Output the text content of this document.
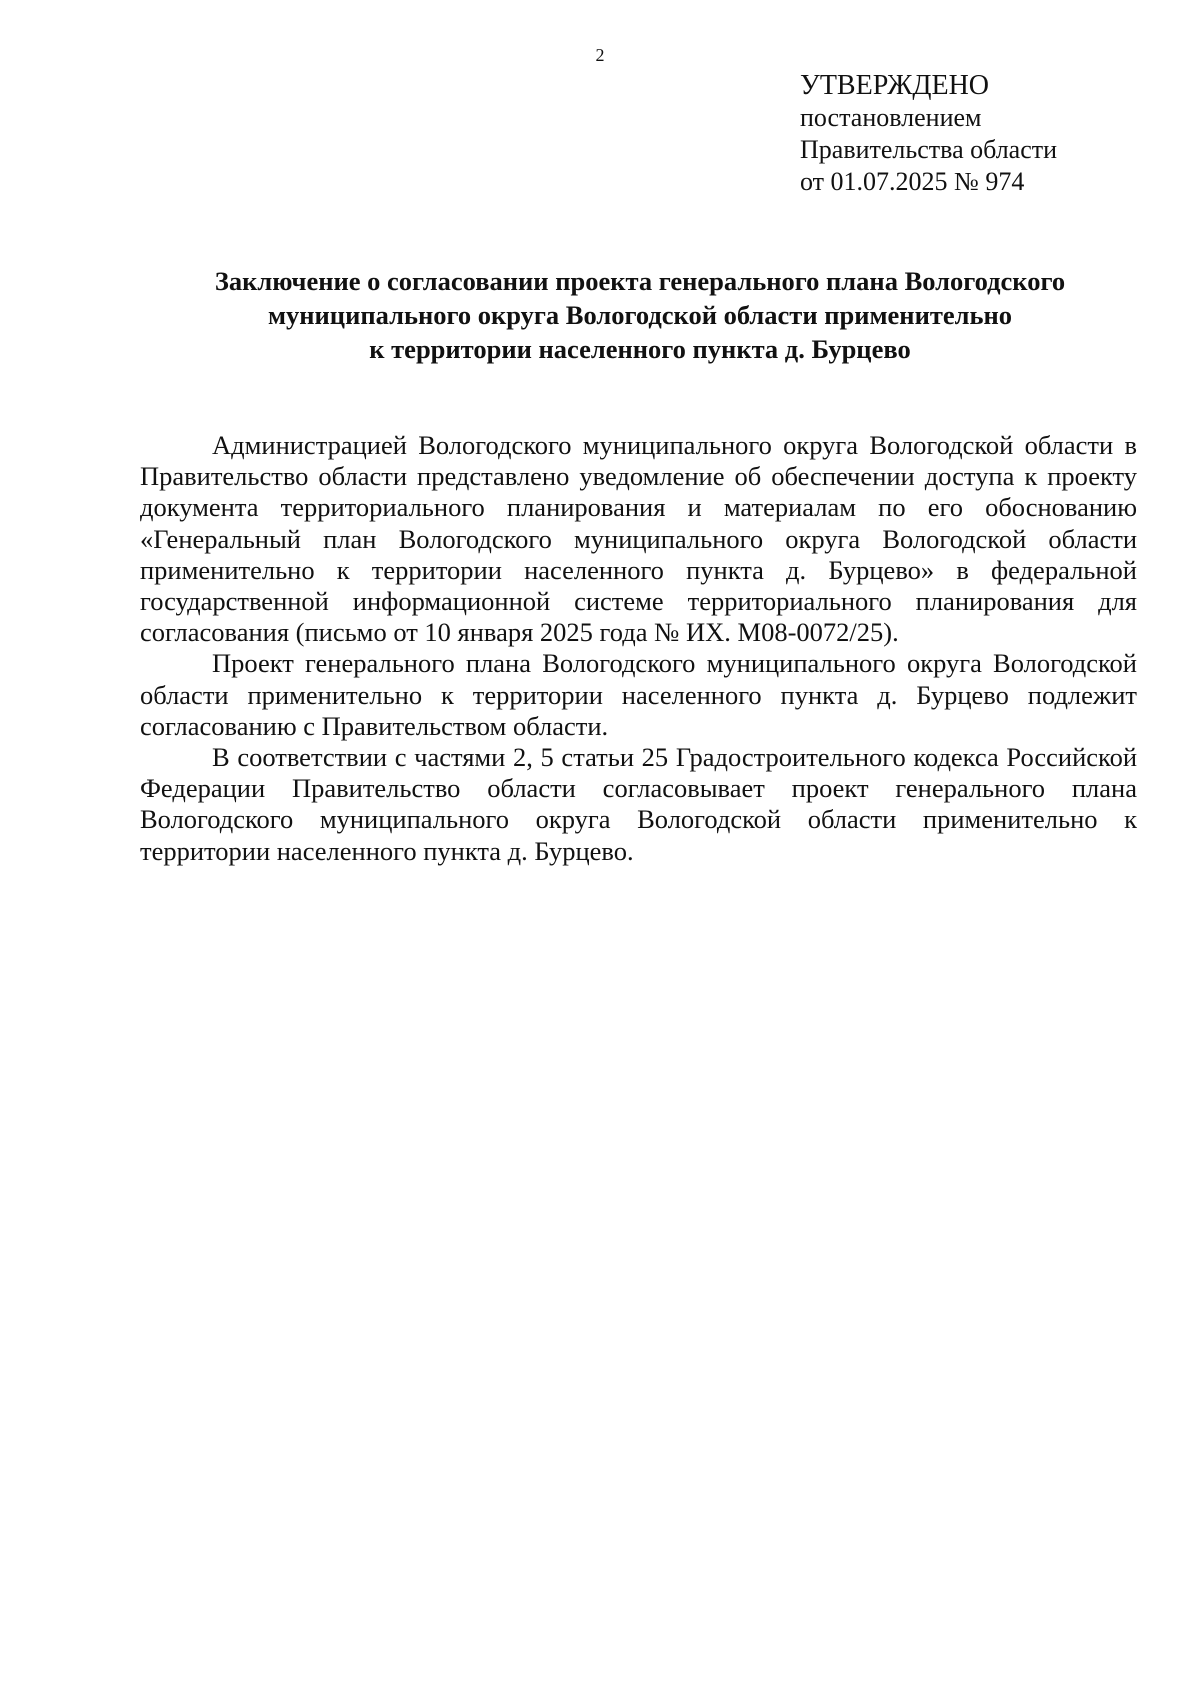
2
УТВЕРЖДЕНО
постановлением
Правительства области
от 01.07.2025 № 974
Заключение о согласовании проекта генерального плана Вологодского
муниципального округа Вологодской области применительно
к территории населенного пункта д. Бурцево

Администрацией Вологодского муниципального округа Вологодской области в Правительство области представлено уведомление об обеспечении доступа к проекту документа территориального планирования и материалам по его обоснованию «Генеральный план Вологодского муниципального округа Вологодской области применительно к территории населенного пункта д. Бурцево» в федеральной государственной информационной системе территориального планирования для согласования (письмо от 10 января 2025 года № ИХ. М08-0072/25).

Проект генерального плана Вологодского муниципального округа Вологодской области применительно к территории населенного пункта д. Бурцево подлежит согласованию с Правительством области.

В соответствии с частями 2, 5 статьи 25 Градостроительного кодекса Российской Федерации Правительство области согласовывает проект генерального плана Вологодского муниципального округа Вологодской области применительно к территории населенного пункта д. Бурцево.
